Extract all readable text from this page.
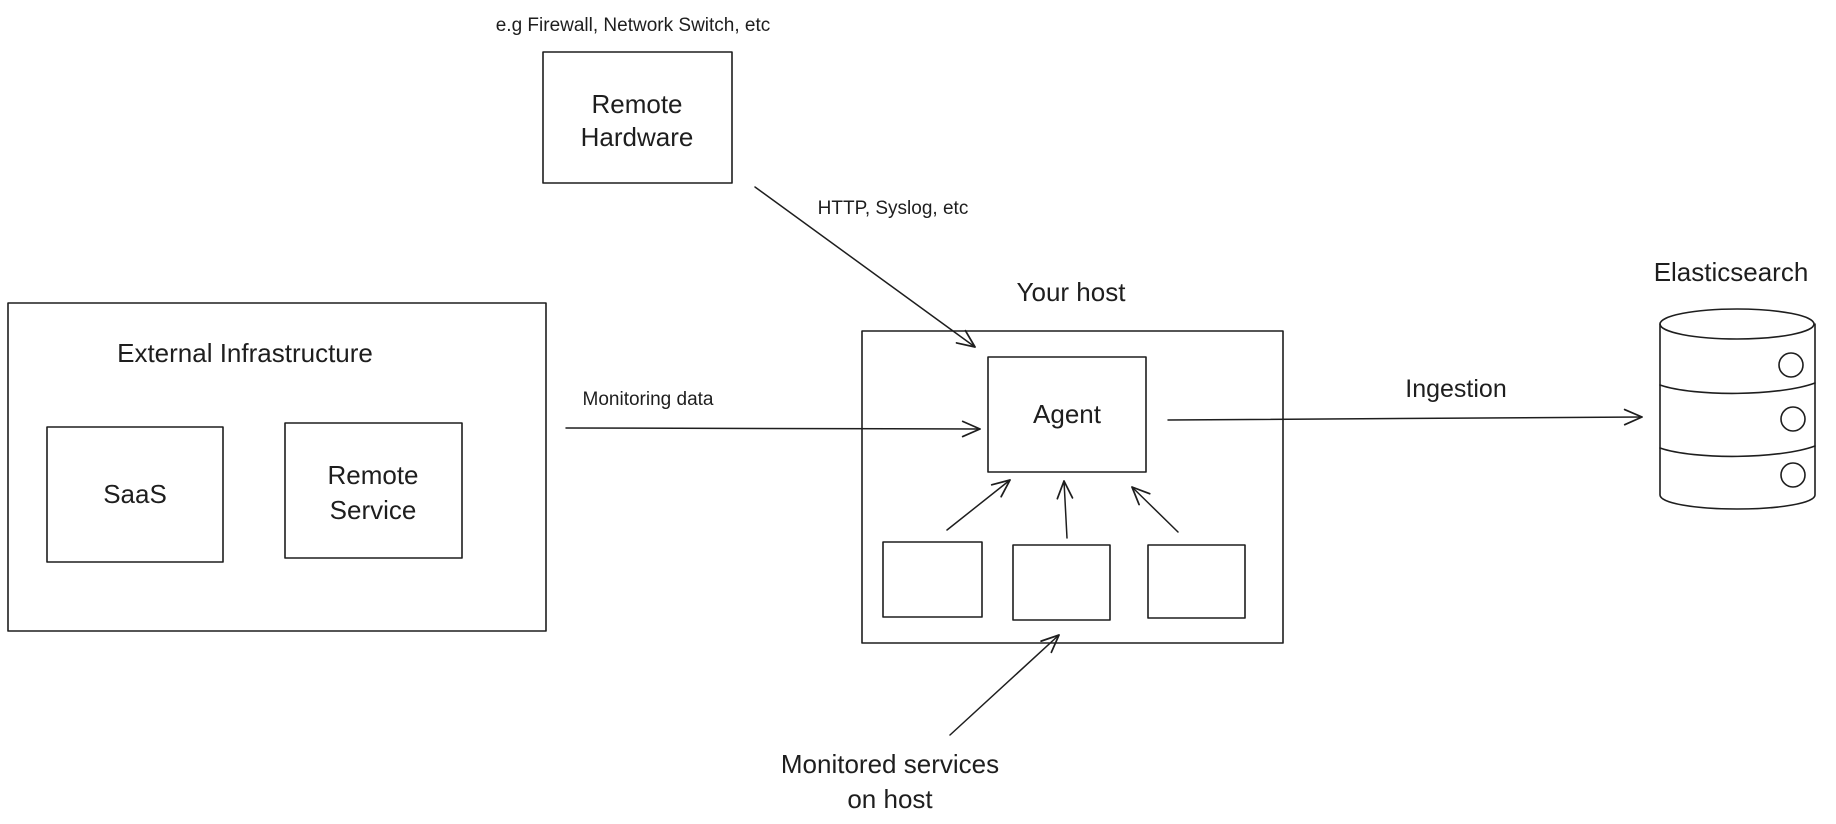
External Infrastructure
SaaS
Remote
Service
e.g Firewall, Network Switch, etc
Remote
Hardware
HTTP, Syslog, etc
Monitoring data
Your host
Agent
Monitored services
on host
Ingestion
Elasticsearch
